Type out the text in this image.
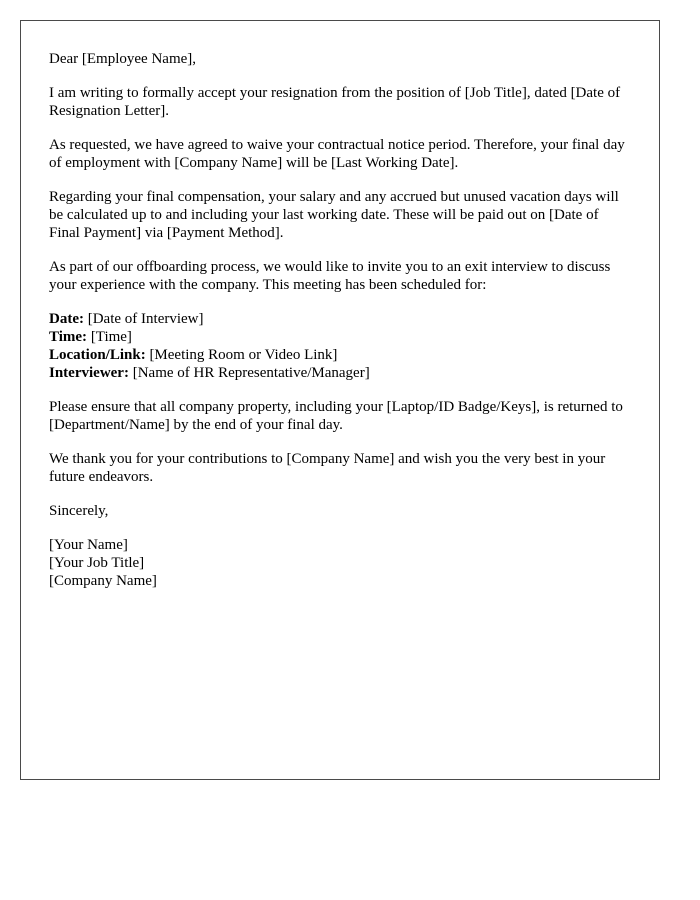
Dear [Employee Name],

I am writing to formally accept your resignation from the position of [Job Title], dated [Date of Resignation Letter].

As requested, we have agreed to waive your contractual notice period. Therefore, your final day of employment with [Company Name] will be [Last Working Date].

Regarding your final compensation, your salary and any accrued but unused vacation days will be calculated up to and including your last working date. These will be paid out on [Date of Final Payment] via [Payment Method].

As part of our offboarding process, we would like to invite you to an exit interview to discuss your experience with the company. This meeting has been scheduled for:

Date: [Date of Interview]
Time: [Time]
Location/Link: [Meeting Room or Video Link]
Interviewer: [Name of HR Representative/Manager]

Please ensure that all company property, including your [Laptop/ID Badge/Keys], is returned to [Department/Name] by the end of your final day.

We thank you for your contributions to [Company Name] and wish you the very best in your future endeavors.

Sincerely,

[Your Name]
[Your Job Title]
[Company Name]
